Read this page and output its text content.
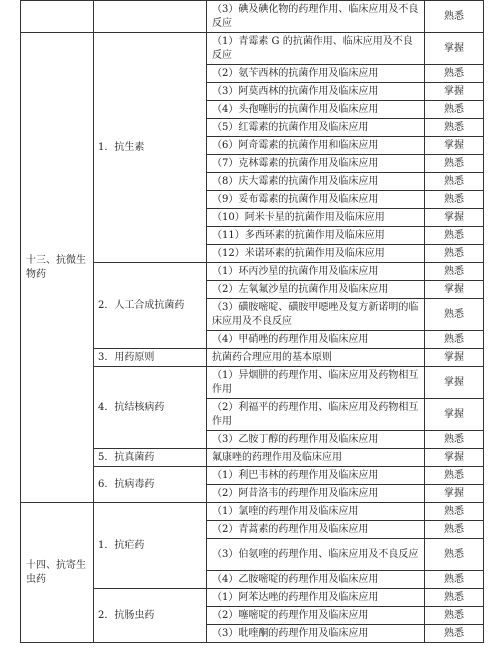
		（3）碘及碘化物的药理作用、临床应用及不良反应	熟悉
十三、抗微生物药	1．抗生素	（1）青霉素 G 的抗菌作用、临床应用及不良反应	掌握
		（2）氨苄西林的抗菌作用及临床应用	熟悉
		（3）阿莫西林的抗菌作用及临床应用	掌握
		（4）头孢噻肟的抗菌作用及临床应用	熟悉
		（5）红霉素的抗菌作用及临床应用	熟悉
		（6）阿奇霉素的抗菌作用和临床应用	掌握
		（7）克林霉素的抗菌作用及临床应用	熟悉
		（8）庆大霉素的抗菌作用及临床应用	熟悉
		（9）妥布霉素的抗菌作用及临床应用	熟悉
		（10）阿米卡星的抗菌作用及临床应用	掌握
		（11）多西环素的抗菌作用及临床应用	熟悉
		（12）米诺环素的抗菌作用及临床应用	熟悉
	2．人工合成抗菌药	（1）环丙沙星的抗菌作用及临床应用	熟悉
		（2）左氧氟沙星的抗菌作用及临床应用	掌握
		（3）磺胺嘧啶、磺胺甲噁唑及复方新诺明的临床应用及不良反应	熟悉
		（4）甲硝唑的药理作用及临床应用	熟悉
	3．用药原则	抗菌药合理应用的基本原则	掌握
	4．抗结核病药	（1）异烟肼的药理作用、临床应用及药物相互作用	掌握
		（2）利福平的药理作用、临床应用及药物相互作用	掌握
		（3）乙胺丁醇的药理作用及临床应用	熟悉
	5．抗真菌药	氟康唑的药理作用及临床应用	掌握
	6．抗病毒药	（1）利巴韦林的药理作用及临床应用	熟悉
		（2）阿昔洛韦的药理作用及临床应用	掌握
十四、抗寄生虫药	1．抗疟药	（1）氯喹的药理作用及临床应用	熟悉
		（2）青蒿素的药理作用及临床应用	熟悉
		（3）伯氨喹的药理作用、临床应用及不良反应	熟悉
		（4）乙胺嘧啶的药理作用及临床应用	熟悉
	2．抗肠虫药	（1）阿苯达唑的药理作用及临床应用	熟悉
		（2）噻嘧啶的药理作用及临床应用	熟悉
		（3）吡喹酮的药理作用及临床应用	熟悉
